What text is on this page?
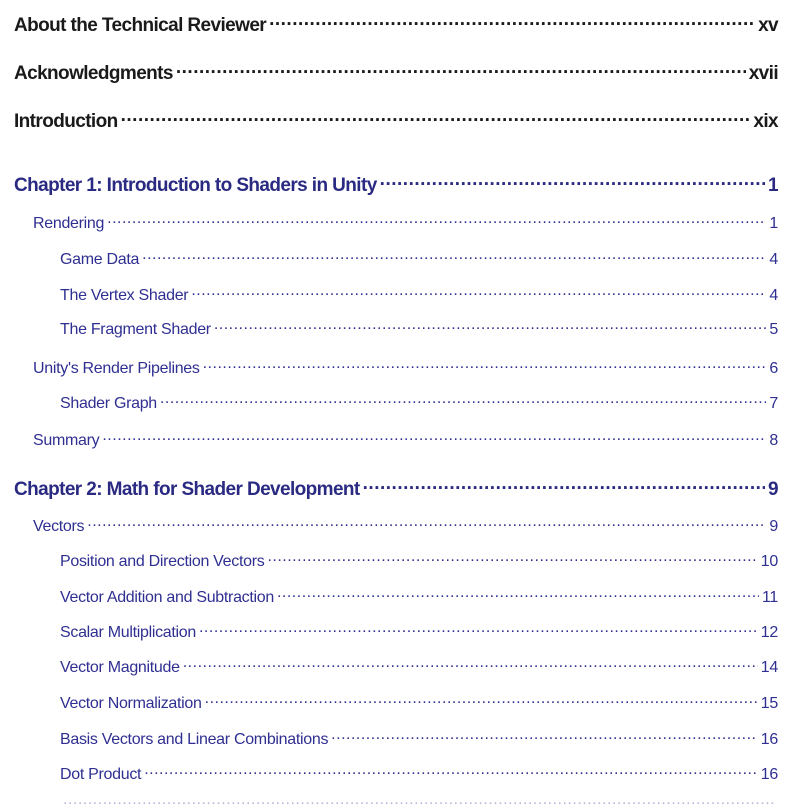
About the Technical Reviewer .....	xv
Acknowledgments .....	xvii
Introduction .....	xix
Chapter 1: Introduction to Shaders in Unity .....	1
Rendering .....	1
Game Data .....	4
The Vertex Shader .....	4
The Fragment Shader .....	5
Unity's Render Pipelines .....	6
Shader Graph .....	7
Summary .....	8
Chapter 2: Math for Shader Development .....	9
Vectors .....	9
Position and Direction Vectors .....	10
Vector Addition and Subtraction .....	11
Scalar Multiplication .....	12
Vector Magnitude .....	14
Vector Normalization .....	15
Basis Vectors and Linear Combinations .....	16
Dot Product .....	16
.....
